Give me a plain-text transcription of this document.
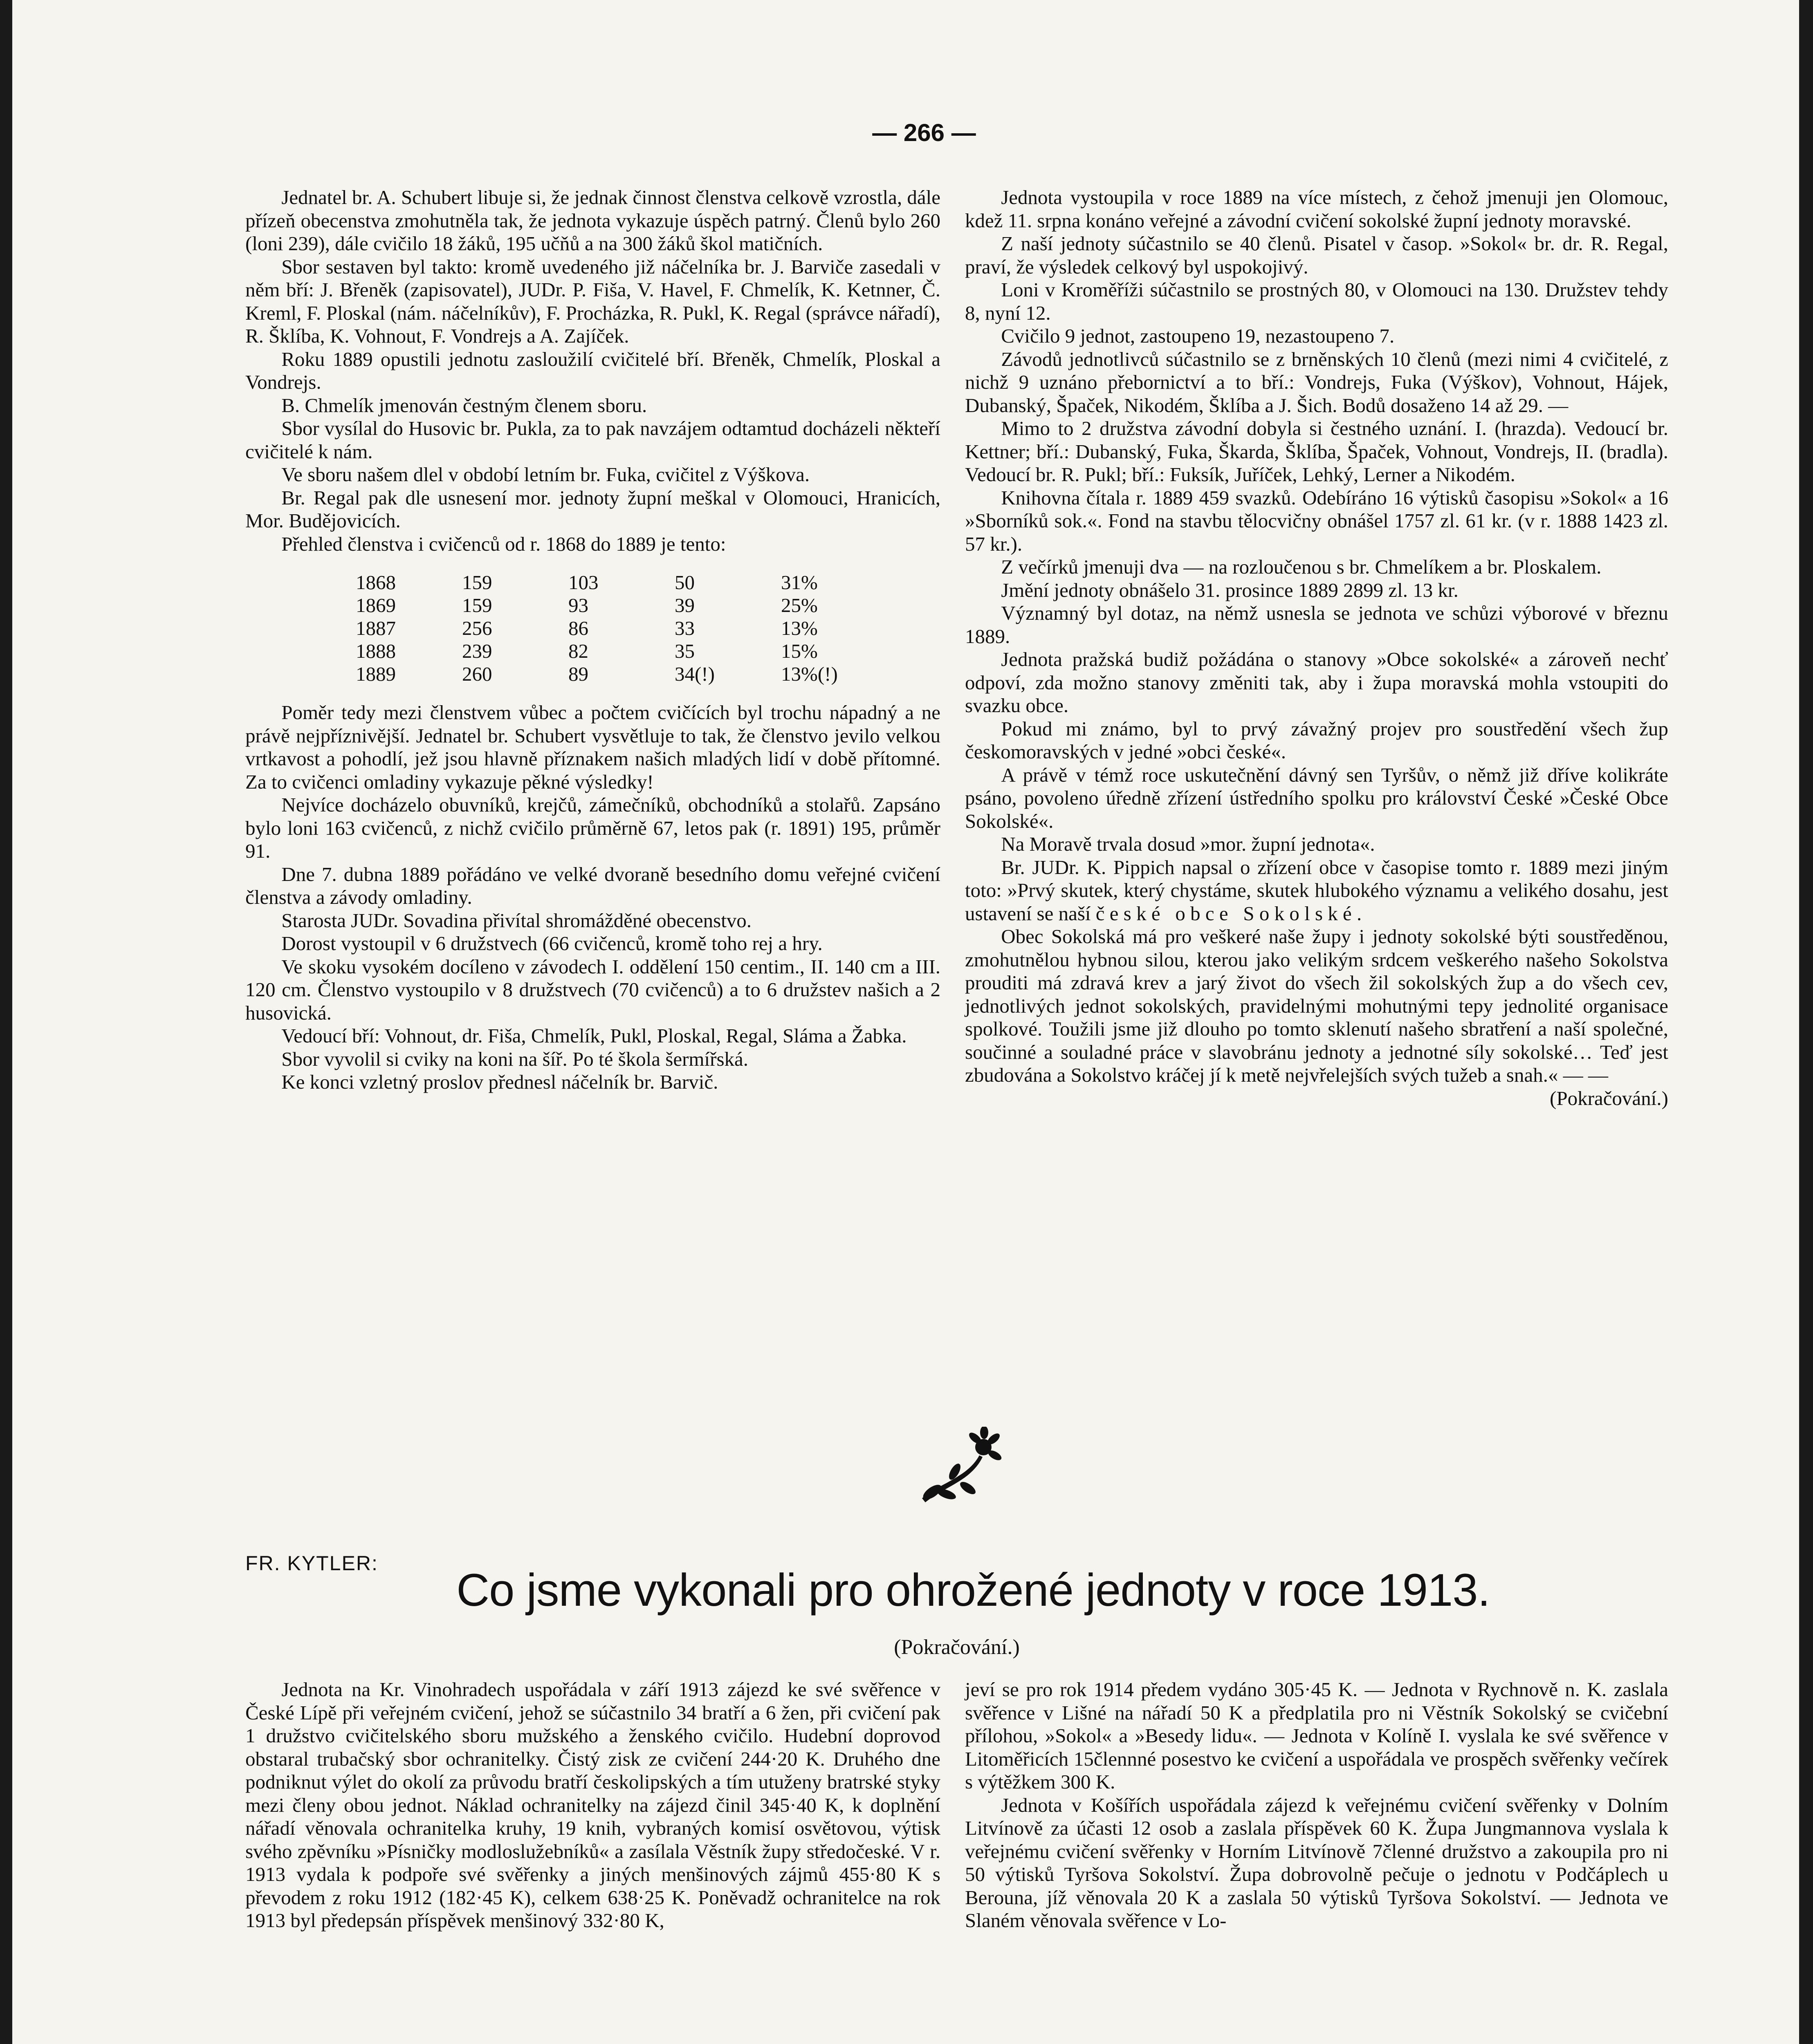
— 266 —

Jednatel br. A. Schubert libuje si, že jednak činnost členstva celkově vzrostla, dále přízeň obecenstva zmohutněla tak, že jednota vykazuje úspěch patrný. Členů bylo 260 (loni 239), dále cvičilo 18 žáků, 195 učňů a na 300 žáků škol matičních.

Sbor sestaven byl takto: kromě uvedeného již náčelníka br. J. Barviče zasedali v něm bří: J. Břeněk (zapisovatel), JUDr. P. Fiša, V. Havel, F. Chmelík, K. Ketnner, Č. Kreml, F. Ploskal (nám. náčelníkův), F. Procházka, R. Pukl, K. Regal (správce nářadí), R. Šklíba, K. Vohnout, F. Vondrejs a A. Zajíček.

Roku 1889 opustili jednotu zasloužilí cvičitelé bří. Břeněk, Chmelík, Ploskal a Vondrejs.

B. Chmelík jmenován čestným členem sboru.

Sbor vysílal do Husovic br. Pukla, za to pak navzájem odtamtud docházeli někteří cvičitelé k nám.

Ve sboru našem dlel v období letním br. Fuka, cvičitel z Výškova.

Br. Regal pak dle usnesení mor. jednoty župní meškal v Olomouci, Hranicích, Mor. Budějovicích.

Přehled členstva i cvičenců od r. 1868 do 1889 je tento:

1868	159	103	50	31%
1869	159	93	39	25%
1887	256	86	33	13%
1888	239	82	35	15%
1889	260	89	34(!)	13%(!)

Poměr tedy mezi členstvem vůbec a počtem cvičících byl trochu nápadný a ne právě nejpříznivější. Jednatel br. Schubert vysvětluje to tak, že členstvo jevilo velkou vrtkavost a pohodlí, jež jsou hlavně příznakem našich mladých lidí v době přítomné. Za to cvičenci omladiny vykazuje pěkné výsledky!

Nejvíce docházelo obuvníků, krejčů, zámečníků, obchodníků a stolařů. Zapsáno bylo loni 163 cvičenců, z nichž cvičilo průměrně 67, letos pak (r. 1891) 195, průměr 91.

Dne 7. dubna 1889 pořádáno ve velké dvoraně besedního domu veřejné cvičení členstva a závody omladiny.

Starosta JUDr. Sovadina přivítal shromážděné obecenstvo.

Dorost vystoupil v 6 družstvech (66 cvičenců, kromě toho rej a hry.

Ve skoku vysokém docíleno v závodech I. oddělení 150 centim., II. 140 cm a III. 120 cm. Členstvo vystoupilo v 8 družstvech (70 cvičenců) a to 6 družstev našich a 2 husovická.

Vedoucí bří: Vohnout, dr. Fiša, Chmelík, Pukl, Ploskal, Regal, Sláma a Žabka.

Sbor vyvolil si cviky na koni na šíř. Po té škola šermířská.

Ke konci vzletný proslov přednesl náčelník br. Barvič.

Jednota vystoupila v roce 1889 na více místech, z čehož jmenuji jen Olomouc, kdež 11. srpna konáno veřejné a závodní cvičení sokolské župní jednoty moravské.

Z naší jednoty súčastnilo se 40 členů. Pisatel v časop. »Sokol« br. dr. R. Regal, praví, že výsledek celkový byl uspokojivý.

Loni v Kroměříži súčastnilo se prostných 80, v Olomouci na 130. Družstev tehdy 8, nyní 12.

Cvičilo 9 jednot, zastoupeno 19, nezastoupeno 7.

Závodů jednotlivců súčastnilo se z brněnských 10 členů (mezi nimi 4 cvičitelé, z nichž 9 uznáno přebornictví a to bří.: Vondrejs, Fuka (Výškov), Vohnout, Hájek, Dubanský, Špaček, Nikodém, Šklíba a J. Šich. Bodů dosaženo 14 až 29. —

Mimo to 2 družstva závodní dobyla si čestného uznání. I. (hrazda). Vedoucí br. Kettner; bří.: Dubanský, Fuka, Škarda, Šklíba, Špaček, Vohnout, Vondrejs, II. (bradla). Vedoucí br. R. Pukl; bří.: Fuksík, Juříček, Lehký, Lerner a Nikodém.

Knihovna čítala r. 1889 459 svazků. Odebíráno 16 výtisků časopisu »Sokol« a 16 »Sborníků sok.«. Fond na stavbu tělocvičny obnášel 1757 zl. 61 kr. (v r. 1888 1423 zl. 57 kr.).

Z večírků jmenuji dva — na rozloučenou s br. Chmelíkem a br. Ploskalem.

Jmění jednoty obnášelo 31. prosince 1889 2899 zl. 13 kr.

Významný byl dotaz, na němž usnesla se jednota ve schůzi výborové v březnu 1889.

Jednota pražská budiž požádána o stanovy »Obce sokolské« a zároveň nechť odpoví, zda možno stanovy změniti tak, aby i župa moravská mohla vstoupiti do svazku obce.

Pokud mi známo, byl to prvý závažný projev pro soustředění všech žup českomoravských v jedné »obci české«.

A právě v témž roce uskutečnění dávný sen Tyršův, o němž již dříve kolikráte psáno, povoleno úředně zřízení ústředního spolku pro království České »České Obce Sokolské«.

Na Moravě trvala dosud »mor. župní jednota«.

Br. JUDr. K. Pippich napsal o zřízení obce v časopise tomto r. 1889 mezi jiným toto: »Prvý skutek, který chystáme, skutek hlubokého významu a velikého dosahu, jest ustavení se naší české obce Sokolské.

Obec Sokolská má pro veškeré naše župy i jednoty sokolské býti soustředěnou, zmohutnělou hybnou silou, kterou jako velikým srdcem veškerého našeho Sokolstva prouditi má zdravá krev a jarý život do všech žil sokolských žup a do všech cev, jednotlivých jednot sokolských, pravidelnými mohutnými tepy jednolité organisace spolkové. Toužili jsme již dlouho po tomto sklenutí našeho sbratření a naší společné, součinné a souladné práce v slavobránu jednoty a jednotné síly sokolské… Teď jest zbudována a Sokolstvo kráčej jí k metě nejvřelejších svých tužeb a snah.« — —

(Pokračování.)

FR. KYTLER:
Co jsme vykonali pro ohrožené jednoty v roce 1913.
(Pokračování.)

Jednota na Kr. Vinohradech uspořádala v září 1913 zájezd ke své svěřence v České Lípě při veřejném cvičení, jehož se súčastnilo 34 bratří a 6 žen, při cvičení pak 1 družstvo cvičitelského sboru mužského a ženského cvičilo. Hudební doprovod obstaral trubačský sbor ochranitelky. Čistý zisk ze cvičení 244·20 K. Druhého dne podniknut výlet do okolí za průvodu bratří českolipských a tím utuženy bratrské styky mezi členy obou jednot. Náklad ochranitelky na zájezd činil 345·40 K, k doplnění nářadí věnovala ochranitelka kruhy, 19 knih, vybraných komisí osvětovou, výtisk svého zpěvníku »Písničky modloslužebníků« a zasílala Věstník župy středočeské. V r. 1913 vydala k podpoře své svěřenky a jiných menšinových zájmů 455·80 K s převodem z roku 1912 (182·45 K), celkem 638·25 K. Poněvadž ochranitelce na rok 1913 byl předepsán příspěvek menšinový 332·80 K,

jeví se pro rok 1914 předem vydáno 305·45 K. — Jednota v Rychnově n. K. zaslala svěřence v Lišné na nářadí 50 K a předplatila pro ni Věstník Sokolský se cvičební přílohou, »Sokol« a »Besedy lidu«. — Jednota v Kolíně I. vyslala ke své svěřence v Litoměřicích 15člennné posestvo ke cvičení a uspořádala ve prospěch svěřenky večírek s výtěžkem 300 K.

Jednota v Košířích uspořádala zájezd k veřejnému cvičení svěřenky v Dolním Litvínově za účasti 12 osob a zaslala příspěvek 60 K. Župa Jungmannova vyslala k veřejnému cvičení svěřenky v Horním Litvínově 7členné družstvo a zakoupila pro ni 50 výtisků Tyršova Sokolství. Župa dobrovolně pečuje o jednotu v Podčáplech u Berouna, jíž věnovala 20 K a zaslala 50 výtisků Tyršova Sokolství. — Jednota ve Slaném věnovala svěřence v Lo-
